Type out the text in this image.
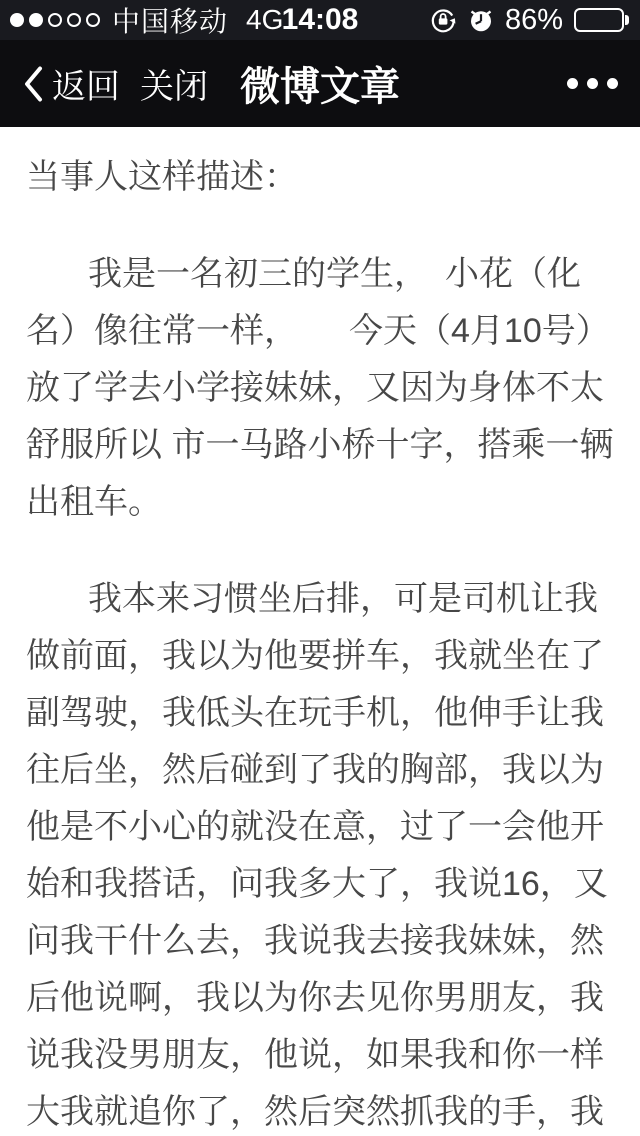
中国移动 4G
14:08	86%
返回 关闭 微博文章
当事人这样描述：
我是一名初三的学生，　小花（化
名）像往常一样，　　今天（4月10号）
放了学去小学接妹妹，又因为身体不太
舒服所以 市一马路小桥十字，搭乘一辆
出租车。
我本来习惯坐后排，可是司机让我
做前面，我以为他要拼车，我就坐在了
副驾驶，我低头在玩手机，他伸手让我
往后坐，然后碰到了我的胸部，我以为
他是不小心的就没在意，过了一会他开
始和我搭话，问我多大了，我说16，又
问我干什么去，我说我去接我妹妹，然
后他说啊，我以为你去见你男朋友，我
说我没男朋友，他说，如果我和你一样
大我就追你了，然后突然抓我的手，我
